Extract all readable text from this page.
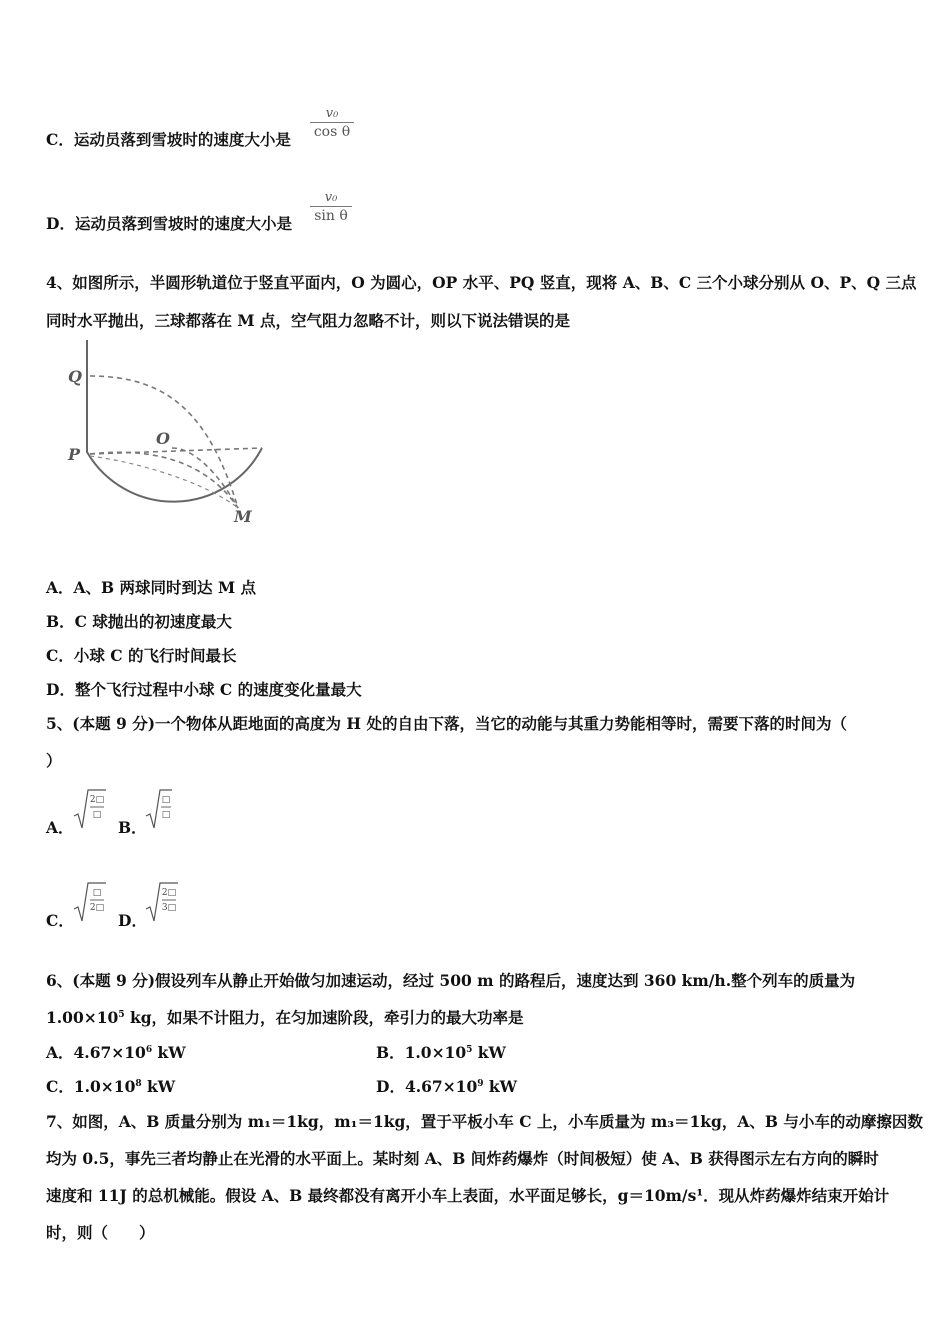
C．运动员落到雪坡时的速度大小是
v₀
cos θ
D．运动员落到雪坡时的速度大小是
v₀
sin θ
4、如图所示，半圆形轨道位于竖直平面内，O 为圆心，OP 水平、PQ 竖直，现将 A、B、C 三个小球分别从 O、P、Q 三点
同时水平抛出，三球都落在 M 点，空气阻力忽略不计，则以下说法错误的是
Q
P
O
M
A．A、B 两球同时到达 M 点
B．C 球抛出的初速度最大
C．小球 C 的飞行时间最长
D．整个飞行过程中小球 C 的速度变化量最大
5、(本题 9 分)一个物体从距地面的高度为 H 处的自由下落，当它的动能与其重力势能相等时，需要下落的时间为（
）
A．
2□
□
B．
□
□
C．
□
2□
D．
2□
3□
6、(本题 9 分)假设列车从静止开始做匀加速运动，经过 500 m 的路程后，速度达到 360 km/h.整个列车的质量为
$1.00\times 10^5$ kg，如果不计阻力，在匀加速阶段，牵引力的最大功率是
A．$4.67\times 10^6$ kW	B．$1.0\times 10^5$ kW
C．$1.0\times 10^8$ kW	D．$4.67\times 10^9$ kW
7、如图，A、B 质量分别为 m₁＝1kg，m₁＝1kg，置于平板小车 C 上，小车质量为 m₃＝1kg，A、B 与小车的动摩擦因数
均为 0.5，事先三者均静止在光滑的水平面上。某时刻 A、B 间炸药爆炸（时间极短）使 A、B 获得图示左右方向的瞬时
速度和 11J 的总机械能。假设 A、B 最终都没有离开小车上表面，水平面足够长，g＝10m/s¹．现从炸药爆炸结束开始计
时，则（　　）
